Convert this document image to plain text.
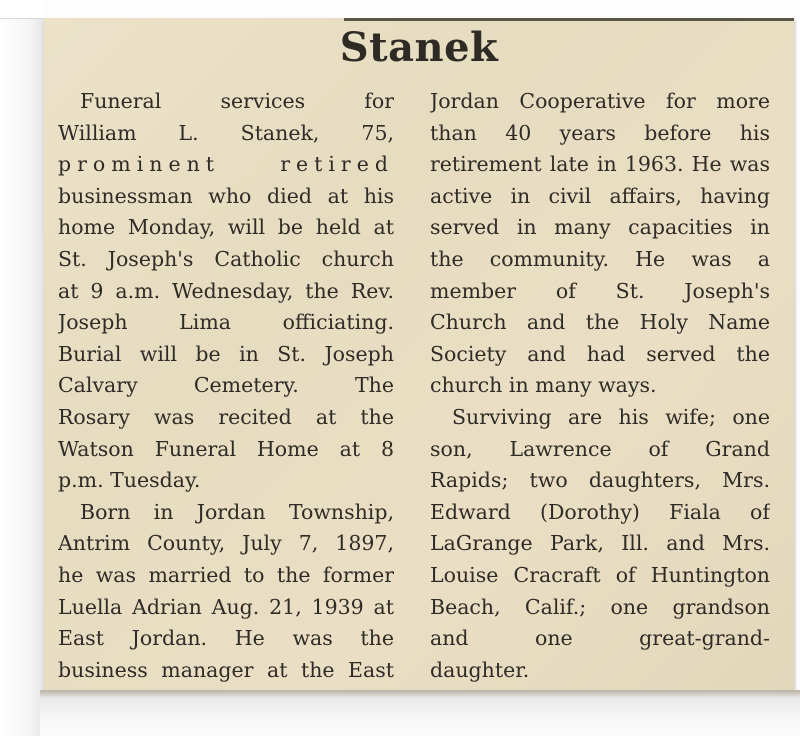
Stanek
Funeral services for
William L. Stanek, 75,
prominent retired
businessman who died at his
home Monday, will be held at
St. Joseph's Catholic church
at 9 a.m. Wednesday, the Rev.
Joseph Lima officiating.
Burial will be in St. Joseph
Calvary Cemetery. The
Rosary was recited at the
Watson Funeral Home at 8
p.m. Tuesday.
Born in Jordan Township,
Antrim County, July 7, 1897,
he was married to the former
Luella Adrian Aug. 21, 1939 at
East Jordan. He was the
business manager at the East
Jordan Cooperative for more
than 40 years before his
retirement late in 1963. He was
active in civil affairs, having
served in many capacities in
the community. He was a
member of St. Joseph's
Church and the Holy Name
Society and had served the
church in many ways.
Surviving are his wife; one
son, Lawrence of Grand
Rapids; two daughters, Mrs.
Edward (Dorothy) Fiala of
LaGrange Park, Ill. and Mrs.
Louise Cracraft of Huntington
Beach, Calif.; one grandson
and one great-grand-
daughter.
